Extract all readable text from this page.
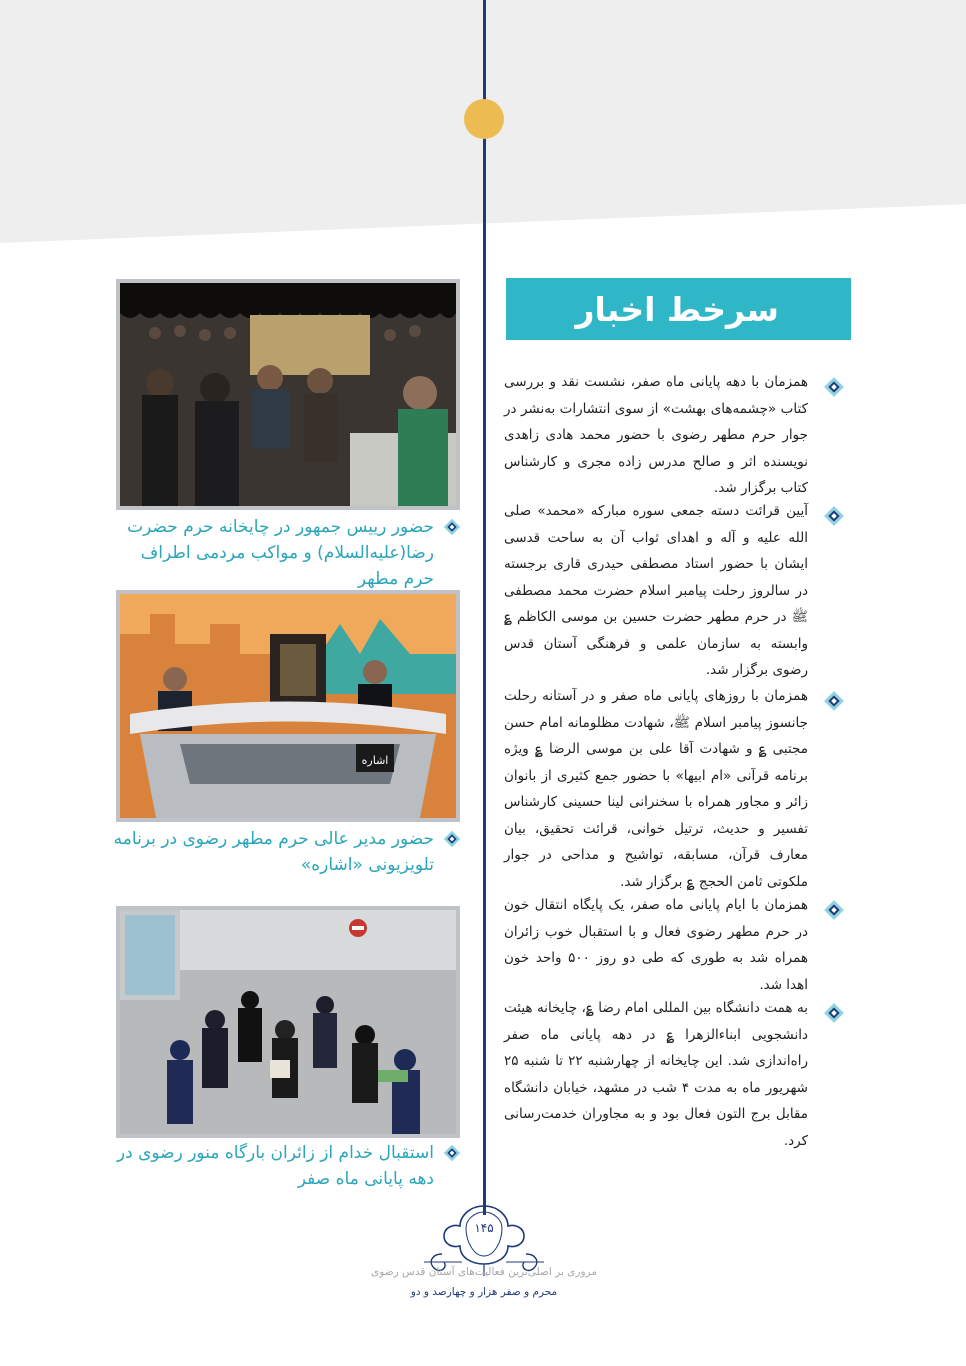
سرخط اخبار
همزمان با دهه پایانی ماه صفر، نشست نقد و بررسی کتاب «چشمه‌های بهشت» از سوی انتشارات به‌نشر در جوار حرم مطهر رضوی با حضور محمد هادی زاهدی نویسنده اثر و صالح مدرس زاده مجری و کارشناس کتاب برگزار شد.
آیین قرائت دسته جمعی سوره مبارکه «محمد» صلی الله علیه و آله و اهدای ثواب آن به ساحت قدسی ایشان با حضور استاد مصطفی حیدری قاری برجسته در سالروز رحلت پیامبر اسلام حضرت محمد مصطفی ﷺ در حرم مطهر حضرت حسین بن موسی الکاظم ؏ وابسته به سازمان علمی و فرهنگی آستان قدس رضوی برگزار شد.
همزمان با روزهای پایانی ماه صفر و در آستانه رحلت جانسوز پیامبر اسلام ﷺ، شهادت مظلومانه امام حسن مجتبی ؏ و شهادت آقا علی بن موسی الرضا ؏ ویژه برنامه قرآنی «ام ابیها» با حضور جمع کثیری از بانوان زائر و مجاور همراه با سخنرانی لینا حسینی کارشناس تفسیر و حدیث، ترتیل خوانی، قرائت تحقیق، بیان معارف قرآن، مسابقه، تواشیح و مداحی در جوار ملکوتی ثامن الحجج ؏ برگزار شد.
همزمان با ایام پایانی ماه صفر، یک پایگاه انتقال خون در حرم مطهر رضوی فعال و با استقبال خوب زائران همراه شد به طوری که طی دو روز ۵۰۰ واحد خون اهدا شد.
به همت دانشگاه بین المللی امام رضا ؏، چایخانه هیئت دانشجویی ابناءالزهرا ؏ در دهه پایانی ماه صفر راه‌اندازی شد. این چایخانه از چهارشنبه ۲۲ تا شنبه ۲۵ شهریور ماه به مدت ۴ شب در مشهد، خیابان دانشگاه مقابل برج التون فعال بود و به مجاوران خدمت‌رسانی کرد.
حضور رییس جمهور در چایخانه حرم حضرت رضا(علیه‌السلام) و مواکب مردمی اطراف حرم مطهر
اشاره
حضور مدیر عالی حرم مطهر رضوی در برنامه تلویزیونی «اشاره»
استقبال خدام از زائران بارگاه منور رضوی در دهه پایانی ماه صفر
۱۴۵
مروری بر اصلی‌ترین فعالیت‌های آستان قدس رضوی
محرم و صفر هزار و چهارصد و دو
